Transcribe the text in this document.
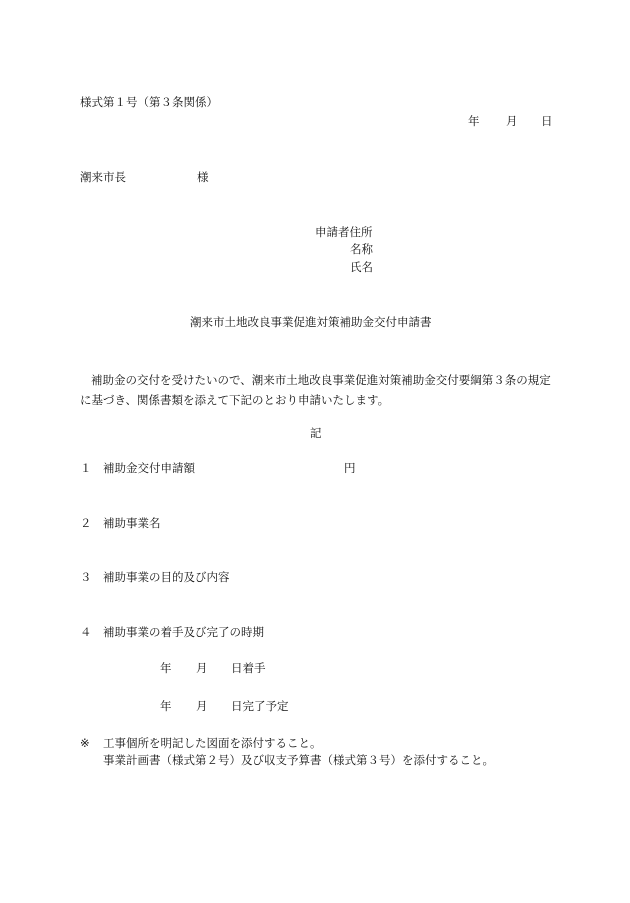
様式第１号（第３条関係）
年 月 日
潮来市長	様
申請者住所
名称
氏名
潮来市土地改良事業促進対策補助金交付申請書
補助金の交付を受けたいので、潮来市土地改良事業促進対策補助金交付要綱第３条の規定に基づき、関係書類を添えて下記のとおり申請いたします。
記
１ 補助金交付申請額	円
２ 補助事業名
３ 補助事業の目的及び内容
４ 補助事業の着手及び完了の時期
年 月 日着手
年 月 日完了予定
※ 工事個所を明記した図面を添付すること。
事業計画書（様式第２号）及び収支予算書（様式第３号）を添付すること。
